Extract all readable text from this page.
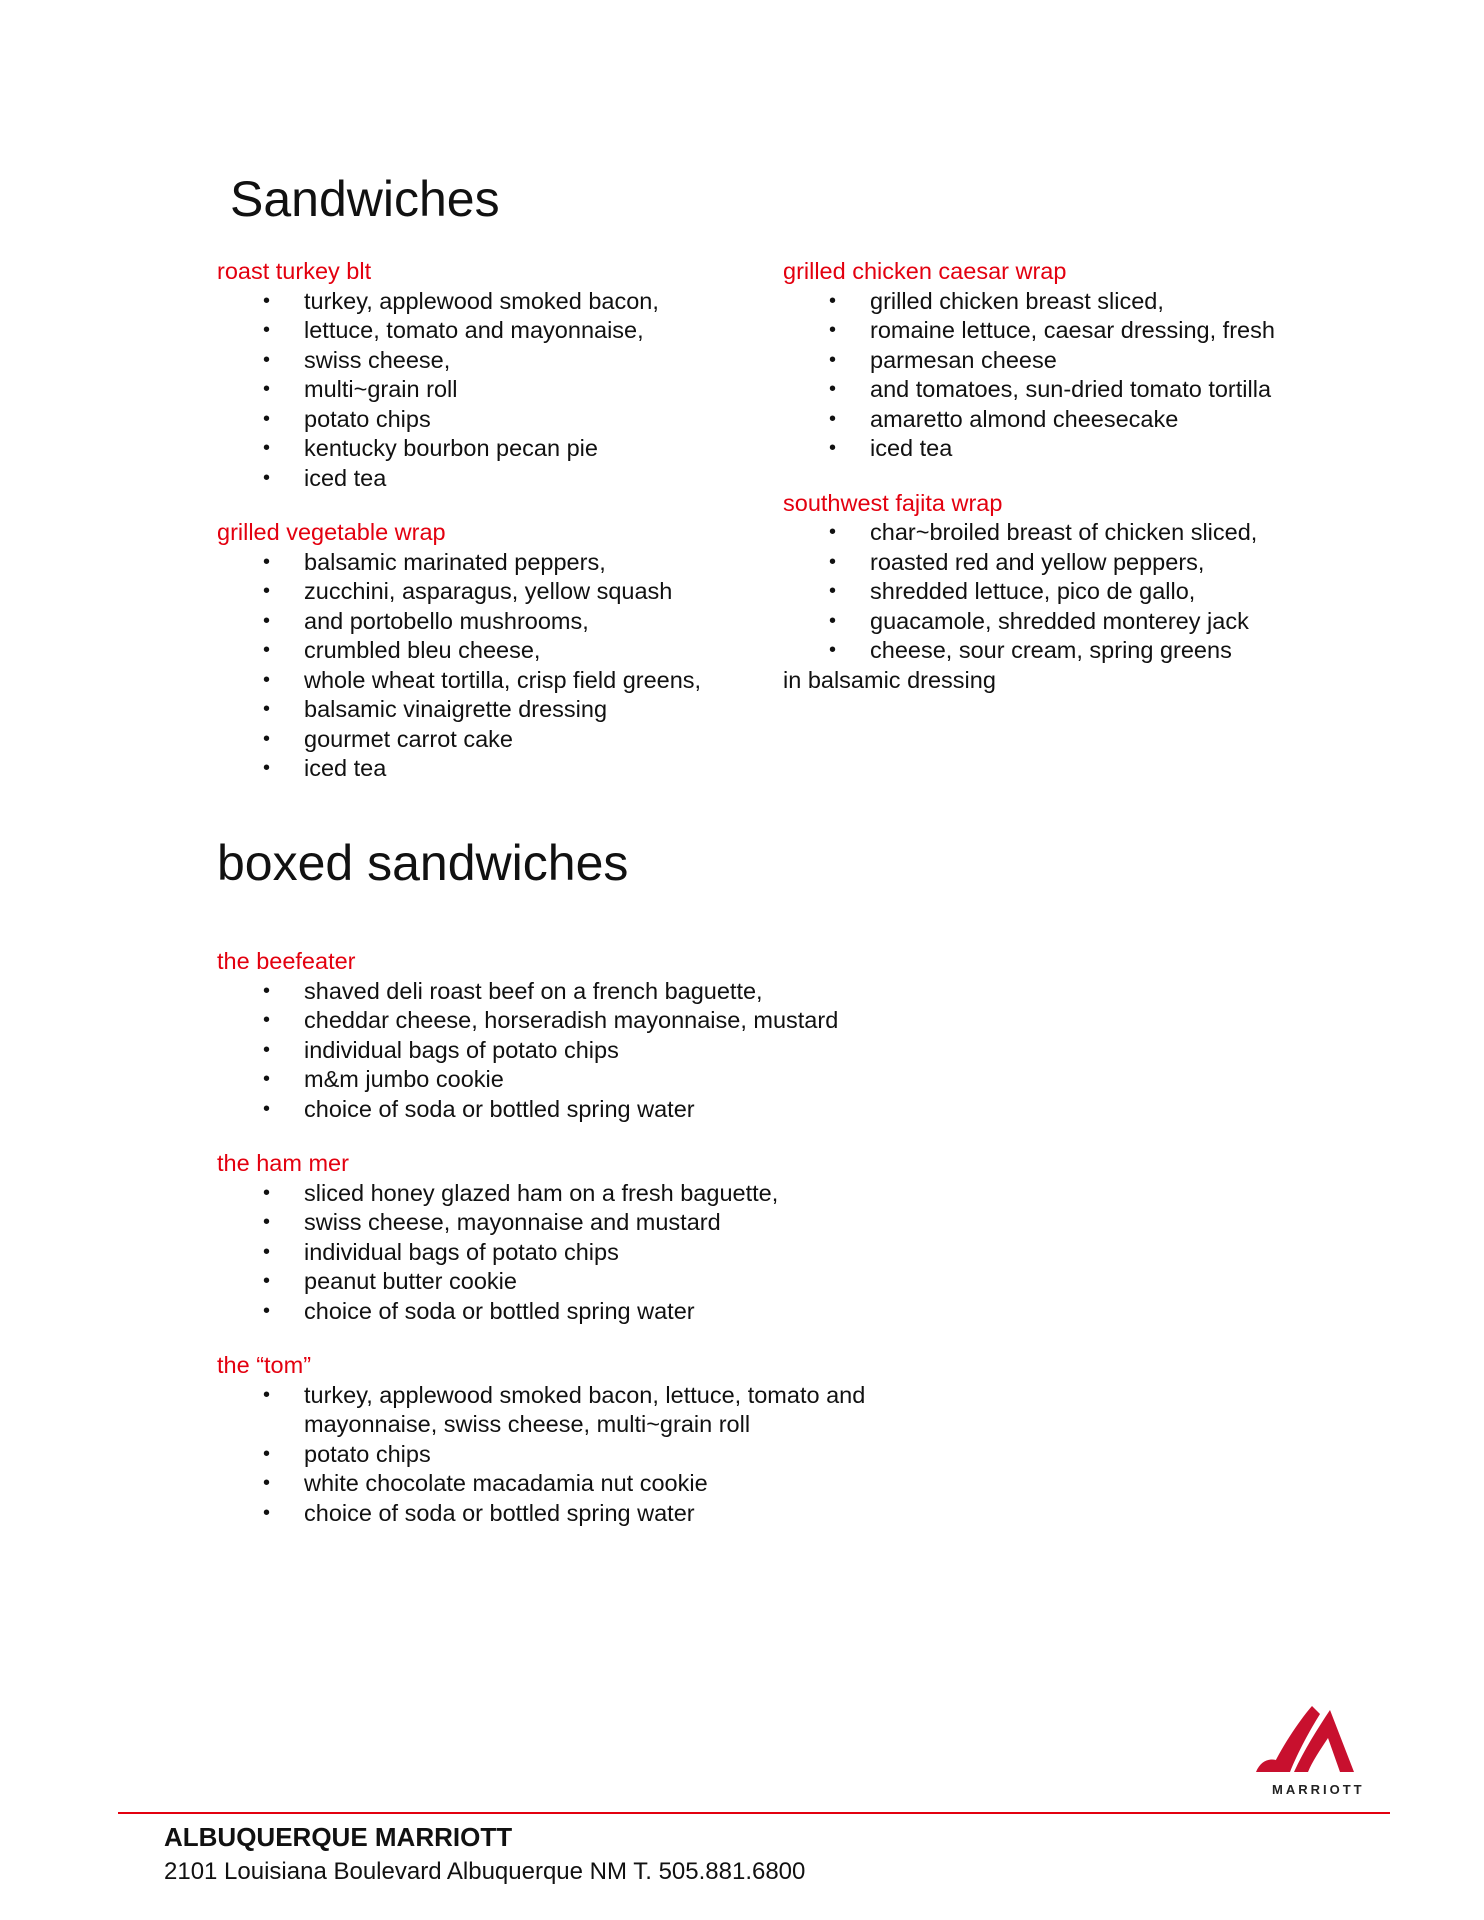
Sandwiches
roast turkey blt
• turkey, applewood smoked bacon,
• lettuce, tomato and mayonnaise,
• swiss cheese,
• multi~grain roll
• potato chips
• kentucky bourbon pecan pie
• iced tea
grilled vegetable wrap
• balsamic marinated peppers,
• zucchini, asparagus, yellow squash
• and portobello mushrooms,
• crumbled bleu cheese,
• whole wheat tortilla, crisp field greens,
• balsamic vinaigrette dressing
• gourmet carrot cake
• iced tea
grilled chicken caesar wrap
• grilled chicken breast sliced,
• romaine lettuce, caesar dressing, fresh
• parmesan cheese
• and tomatoes, sun-dried tomato tortilla
• amaretto almond cheesecake
• iced tea
southwest fajita wrap
• char~broiled breast of chicken sliced,
• roasted red and yellow peppers,
• shredded lettuce, pico de gallo,
• guacamole, shredded monterey jack
• cheese, sour cream, spring greens

in balsamic dressing

boxed sandwiches
the beefeater
• shaved deli roast beef on a french baguette,
• cheddar cheese, horseradish mayonnaise, mustard
• individual bags of potato chips
• m&m jumbo cookie
• choice of soda or bottled spring water
the ham mer
• sliced honey glazed ham on a fresh baguette,
• swiss cheese, mayonnaise and mustard
• individual bags of potato chips
• peanut butter cookie
• choice of soda or bottled spring water
the “tom”
• turkey, applewood smoked bacon, lettuce, tomato and mayonnaise, swiss cheese, multi~grain roll
• potato chips
• white chocolate macadamia nut cookie
• choice of soda or bottled spring water
MARRIOTT
ALBUQUERQUE MARRIOTT
2101 Louisiana Boulevard Albuquerque NM T. 505.881.6800
